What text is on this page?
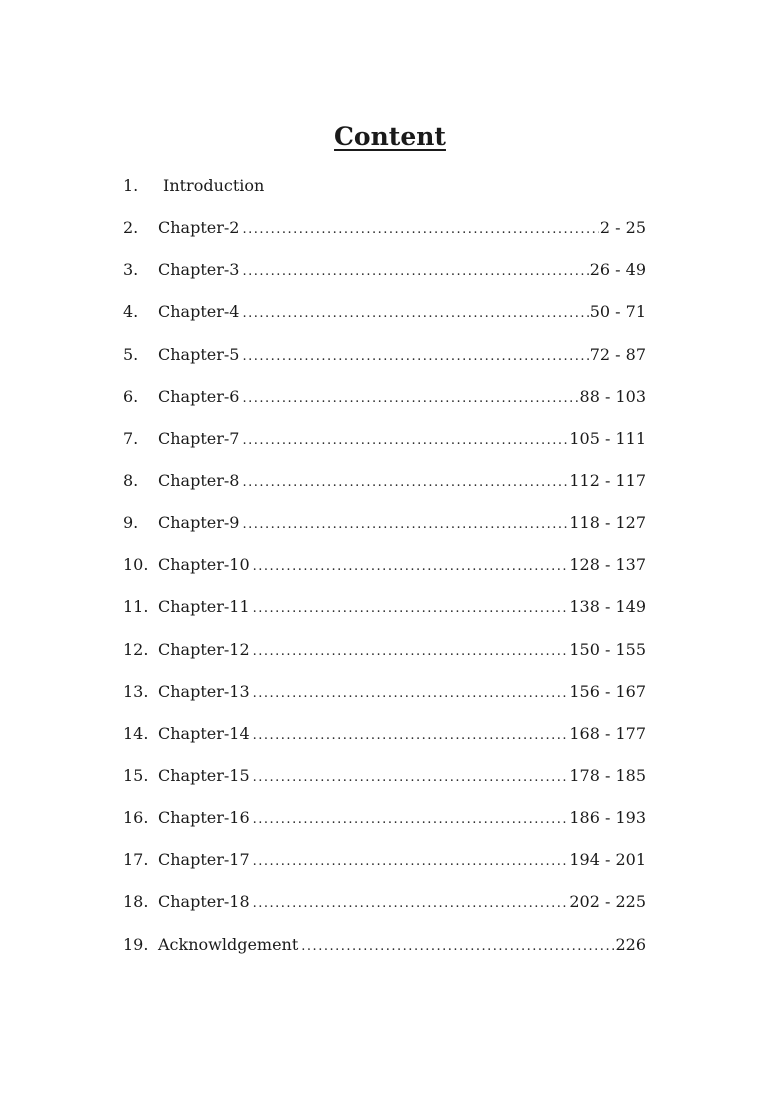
Content
1.	Introduction
2.	Chapter-2 .....	2 - 25
3.	Chapter-3 .....	26 - 49
4.	Chapter-4 .....	50 - 71
5.	Chapter-5 .....	72 - 87
6.	Chapter-6 .....	88 - 103
7.	Chapter-7 .....	105 - 111
8.	Chapter-8 .....	112 - 117
9.	Chapter-9 .....	118 - 127
10. Chapter-10 .....	128 - 137
11. Chapter-11 .....	138 - 149
12. Chapter-12 .....	150 - 155
13. Chapter-13 .....	156 - 167
14. Chapter-14 .....	168 - 177
15. Chapter-15 .....	178 - 185
16. Chapter-16 .....	186 - 193
17. Chapter-17 .....	194 - 201
18. Chapter-18 .....	202 - 225
19. Acknowldgement .....	226
